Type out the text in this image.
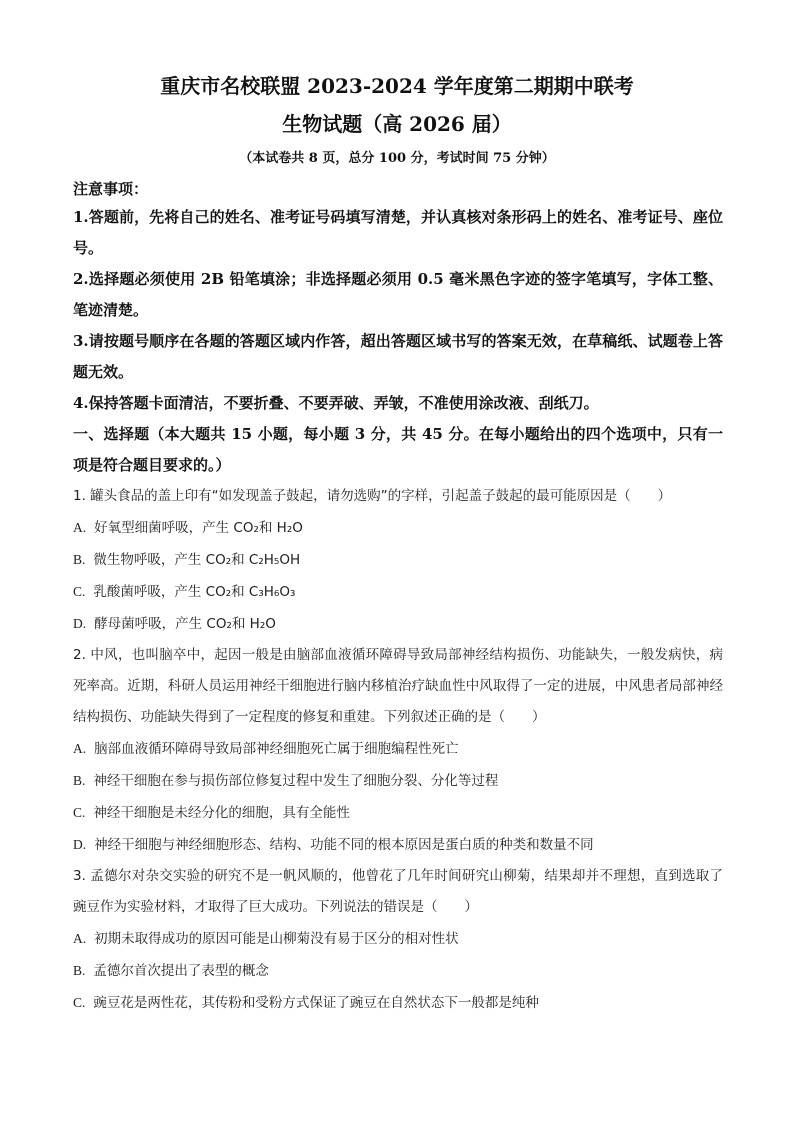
重庆市名校联盟 2023-2024 学年度第二期期中联考
生物试题（高 2026 届）
（本试卷共 8 页，总分 100 分，考试时间 75 分钟）

注意事项：

1.答题前，先将自己的姓名、准考证号码填写清楚，并认真核对条形码上的姓名、准考证号、座位号。

2.选择题必须使用 2B 铅笔填涂；非选择题必须用 0.5 毫米黑色字迹的签字笔填写，字体工整、笔迹清楚。

3.请按题号顺序在各题的答题区域内作答，超出答题区域书写的答案无效，在草稿纸、试题卷上答题无效。

4.保持答题卡面清洁，不要折叠、不要弄破、弄皱，不准使用涂改液、刮纸刀。

一、选择题（本大题共 15 小题，每小题 3 分，共 45 分。在每小题给出的四个选项中，只有一项是符合题目要求的。）

1. 罐头食品的盖上印有“如发现盖子鼓起，请勿选购”的字样，引起盖子鼓起的最可能原因是（　　）

A. 好氧型细菌呼吸，产生 CO₂和 H₂O

B. 微生物呼吸，产生 CO₂和 C₂H₅OH

C. 乳酸菌呼吸，产生 CO₂和 C₃H₆O₃

D. 酵母菌呼吸，产生 CO₂和 H₂O

2. 中风，也叫脑卒中，起因一般是由脑部血液循环障碍导致局部神经结构损伤、功能缺失，一般发病快，病死率高。近期，科研人员运用神经干细胞进行脑内移植治疗缺血性中风取得了一定的进展，中风患者局部神经结构损伤、功能缺失得到了一定程度的修复和重建。下列叙述正确的是（　　）

A. 脑部血液循环障碍导致局部神经细胞死亡属于细胞编程性死亡

B. 神经干细胞在参与损伤部位修复过程中发生了细胞分裂、分化等过程

C. 神经干细胞是未经分化的细胞，具有全能性

D. 神经干细胞与神经细胞形态、结构、功能不同的根本原因是蛋白质的种类和数量不同

3. 孟德尔对杂交实验的研究不是一帆风顺的，他曾花了几年时间研究山柳菊，结果却并不理想，直到选取了豌豆作为实验材料，才取得了巨大成功。下列说法的错误是（　　）

A. 初期未取得成功的原因可能是山柳菊没有易于区分的相对性状

B. 孟德尔首次提出了表型的概念

C. 豌豆花是两性花，其传粉和受粉方式保证了豌豆在自然状态下一般都是纯种
